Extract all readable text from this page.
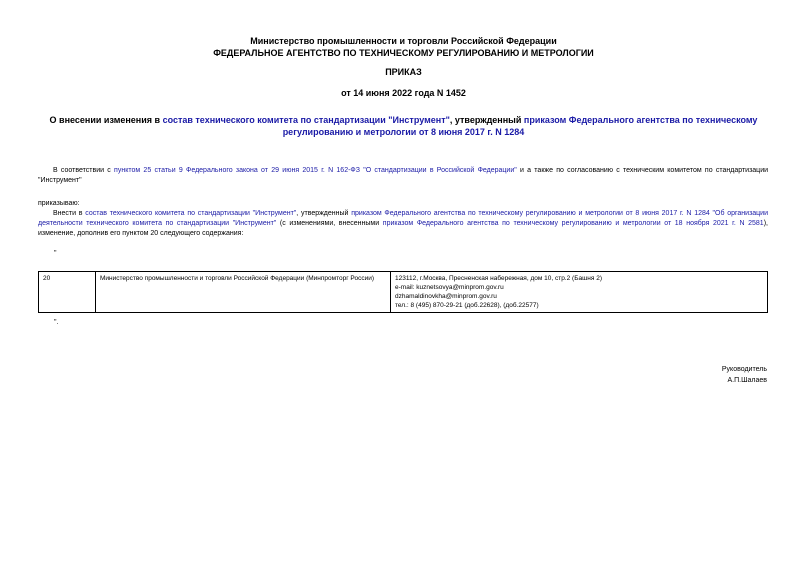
Министерство промышленности и торговли Российской Федерации
ФЕДЕРАЛЬНОЕ АГЕНТСТВО ПО ТЕХНИЧЕСКОМУ РЕГУЛИРОВАНИЮ И МЕТРОЛОГИИ
ПРИКАЗ
от 14 июня 2022 года N 1452
О внесении изменения в состав технического комитета по стандартизации "Инструмент", утвержденный приказом Федерального агентства по техническому регулированию и метрологии от 8 июня 2017 г. N 1284
В соответствии с пунктом 25 статьи 9 Федерального закона от 29 июня 2015 г. N 162-ФЗ "О стандартизации в Российской Федерации" и а также по согласованию с техническим комитетом по стандартизации "Инструмент"
приказываю:
Внести в состав технического комитета по стандартизации "Инструмент", утвержденный приказом Федерального агентства по техническому регулированию и метрологии от 8 июня 2017 г. N 1284 "Об организации деятельности технического комитета по стандартизации "Инструмент" (с изменениями, внесенными приказом Федерального агентства по техническому регулированию и метрологии от 18 ноября 2021 г. N 2581), изменение, дополнив его пунктом 20 следующего содержания:
"
20	Министерство промышленности и торговли Российской Федерации (Минпромторг России)	123112, г.Москва, Пресненская набережная, дом 10, стр.2 (Башня 2)
e-mail: kuznetsovya@minprom.gov.ru
dzhamaldinovkha@minprom.gov.ru
тел.: 8 (495) 870-29-21 (доб.22628), (доб.22577)
".
Руководитель
А.П.Шалаев
